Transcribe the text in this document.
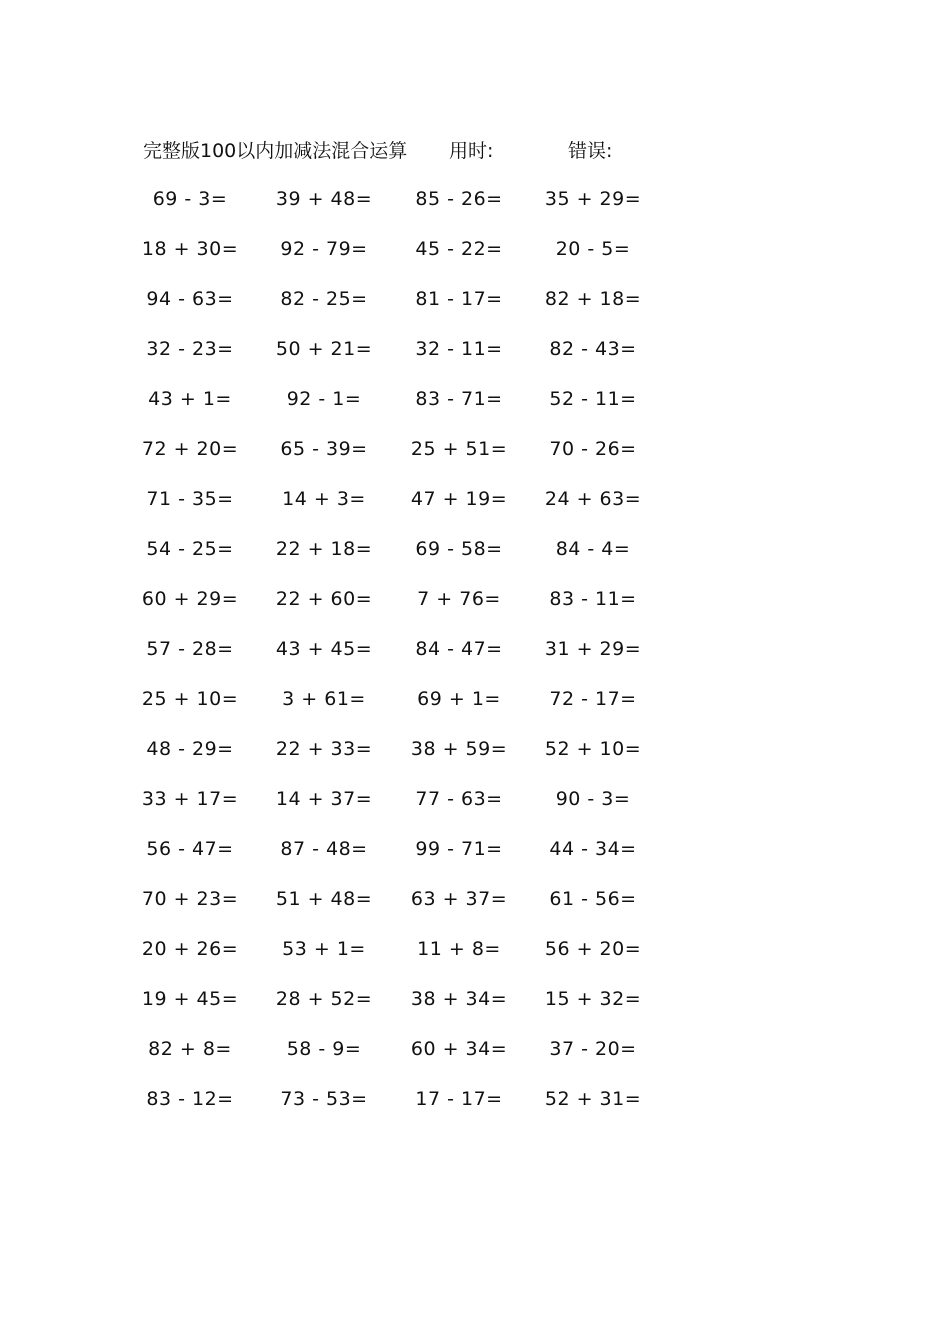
完整版100以内加减法混合运算 用时:	错误:
69 - 3=	39 + 48=	85 - 26=	35 + 29=
18 + 30=	92 - 79=	45 - 22=	20 - 5=
94 - 63=	82 - 25=	81 - 17=	82 + 18=
32 - 23=	50 + 21=	32 - 11=	82 - 43=
43 + 1=	92 - 1=	83 - 71=	52 - 11=
72 + 20=	65 - 39=	25 + 51=	70 - 26=
71 - 35=	14 + 3=	47 + 19=	24 + 63=
54 - 25=	22 + 18=	69 - 58=	84 - 4=
60 + 29=	22 + 60=	7 + 76=	83 - 11=
57 - 28=	43 + 45=	84 - 47=	31 + 29=
25 + 10=	3 + 61=	69 + 1=	72 - 17=
48 - 29=	22 + 33=	38 + 59=	52 + 10=
33 + 17=	14 + 37=	77 - 63=	90 - 3=
56 - 47=	87 - 48=	99 - 71=	44 - 34=
70 + 23=	51 + 48=	63 + 37=	61 - 56=
20 + 26=	53 + 1=	11 + 8=	56 + 20=
19 + 45=	28 + 52=	38 + 34=	15 + 32=
82 + 8=	58 - 9=	60 + 34=	37 - 20=
83 - 12=	73 - 53=	17 - 17=	52 + 31=
